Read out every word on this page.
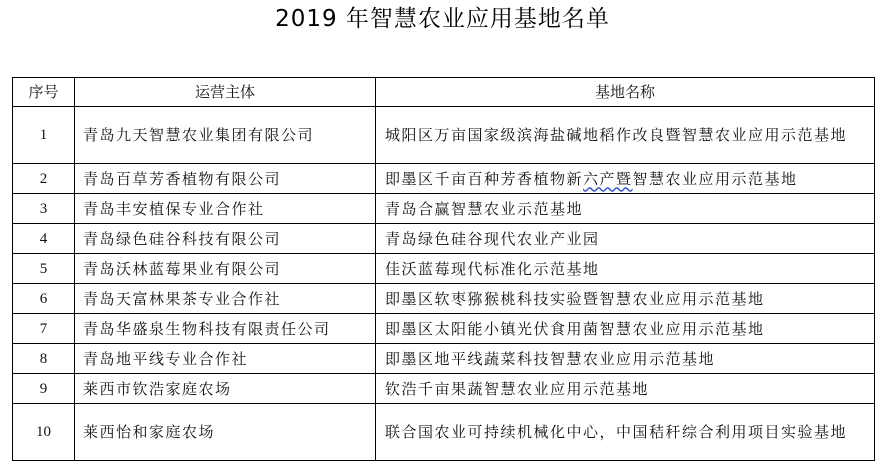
2019 年智慧农业应用基地名单
序号	运营主体	基地名称
1	青岛九天智慧农业集团有限公司	城阳区万亩国家级滨海盐碱地稻作改良暨智慧农业应用示范基地
2	青岛百草芳香植物有限公司	即墨区千亩百种芳香植物新六产暨智慧农业应用示范基地
3	青岛丰安植保专业合作社	青岛合赢智慧农业示范基地
4	青岛绿色硅谷科技有限公司	青岛绿色硅谷现代农业产业园
5	青岛沃林蓝莓果业有限公司	佳沃蓝莓现代标准化示范基地
6	青岛天富林果茶专业合作社	即墨区软枣猕猴桃科技实验暨智慧农业应用示范基地
7	青岛华盛泉生物科技有限责任公司	即墨区太阳能小镇光伏食用菌智慧农业应用示范基地
8	青岛地平线专业合作社	即墨区地平线蔬菜科技智慧农业应用示范基地
9	莱西市钦浩家庭农场	钦浩千亩果蔬智慧农业应用示范基地
10	莱西怡和家庭农场	联合国农业可持续机械化中心，中国秸秆综合利用项目实验基地
